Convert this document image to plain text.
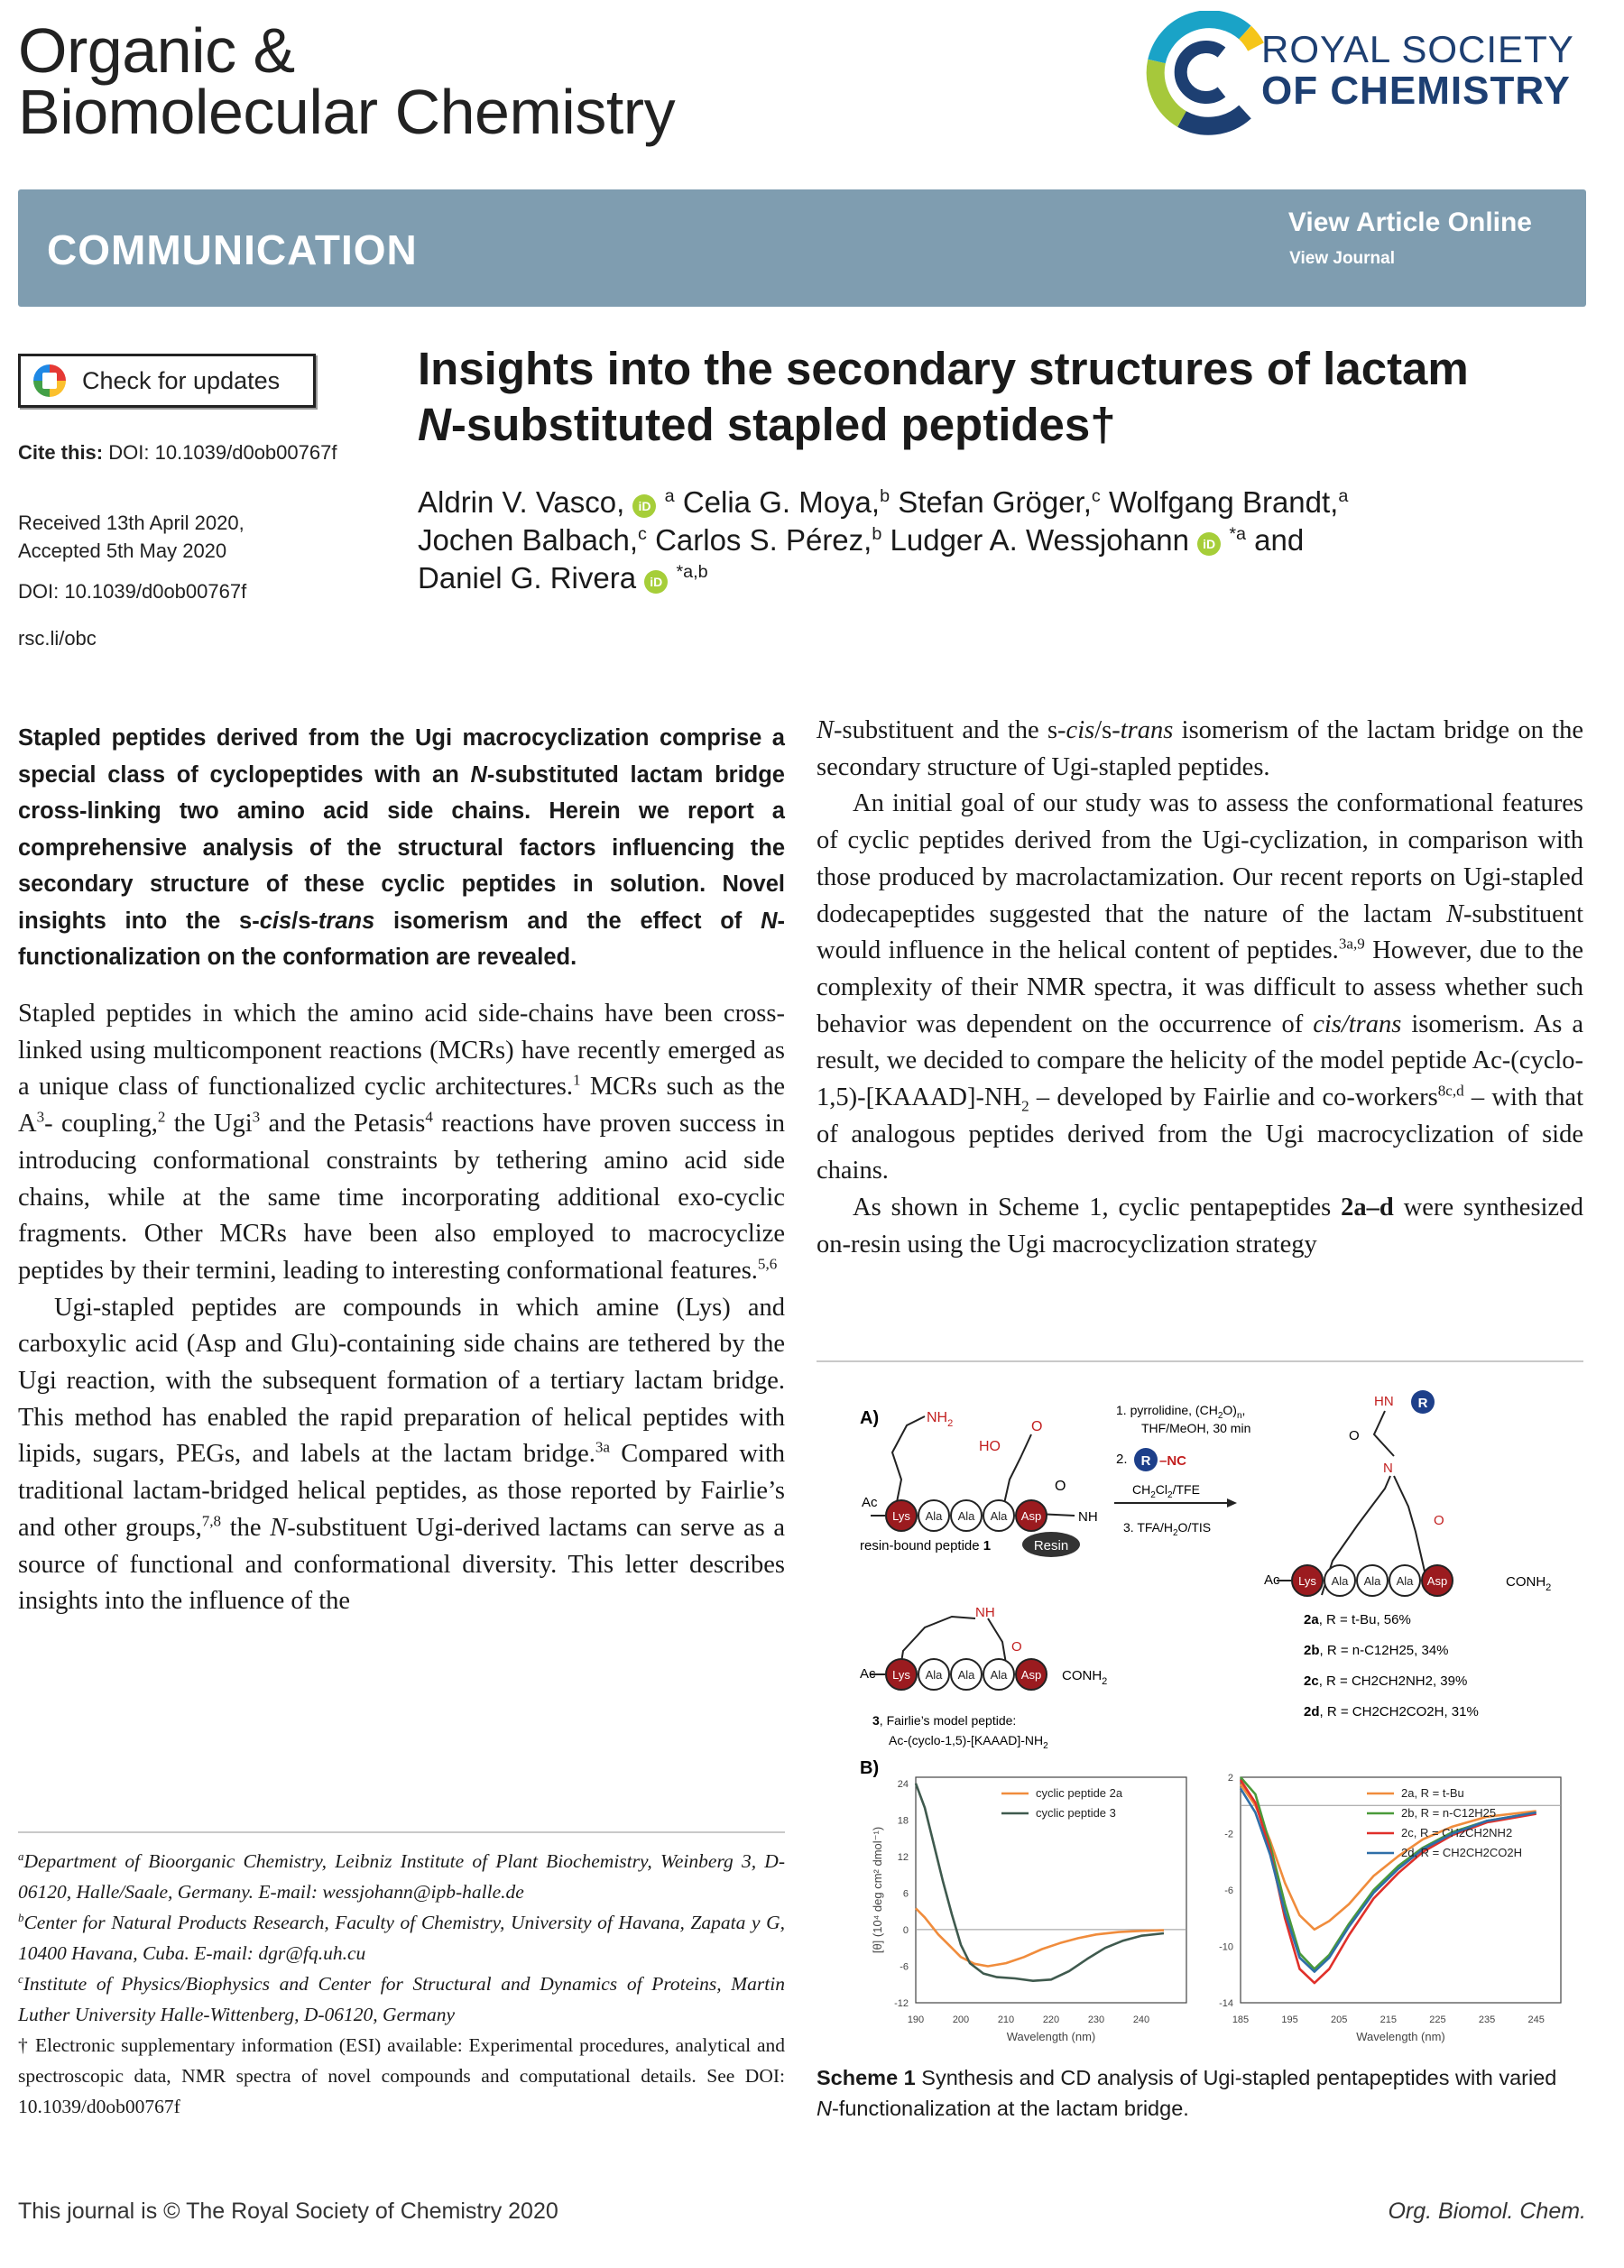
Organic &
Biomolecular Chemistry
ROYAL SOCIETY
OF CHEMISTRY
COMMUNICATION
View Article Online
View Journal
Check for updates
Cite this: DOI: 10.1039/d0ob00767f
Received 13th April 2020,
Accepted 5th May 2020
DOI: 10.1039/d0ob00767f
rsc.li/obc
Insights into the secondary structures of lactam
N-substituted stapled peptides†
Aldrin V. Vasco, iD $^a$ Celia G. Moya,$^b$ Stefan Gröger,$^c$ Wolfgang Brandt,$^a$
Jochen Balbach,$^c$ Carlos S. Pérez,$^b$ Ludger A. Wessjohann iD $^{*a}$ and
Daniel G. Rivera iD $^{*a,b}$
Stapled peptides derived from the Ugi macrocyclization comprise a special class of cyclopeptides with an N-substituted lactam bridge cross-linking two amino acid side chains. Herein we report a comprehensive analysis of the structural factors influencing the secondary structure of these cyclic peptides in solution. Novel insights into the s-cis/s-trans isomerism and the effect of N-functionalization on the conformation are revealed.

Stapled peptides in which the amino acid side-chains have been cross-linked using multicomponent reactions (MCRs) have recently emerged as a unique class of functionalized cyclic architectures.$^1$ MCRs such as the $A^3-$ coupling,$^2$ the Ugi$^3$ and the Petasis$^4$ reactions have proven success in introducing conformational constraints by tethering amino acid side chains, while at the same time incorporating additional exo-cyclic fragments. Other MCRs have been also employed to macrocyclize peptides by their termini, leading to interesting conformational features.$^{5,6}$

Ugi-stapled peptides are compounds in which amine (Lys) and carboxylic acid (Asp and Glu)-containing side chains are tethered by the Ugi reaction, with the subsequent formation of a tertiary lactam bridge. This method has enabled the rapid preparation of helical peptides with lipids, sugars, PEGs, and labels at the lactam bridge.$^{3a}$ Compared with traditional lactam-bridged helical peptides, as those reported by Fairlie’s and other groups,$^{7,8}$ the N-substituent Ugi-derived lactams can serve as a source of functional and conformational diversity. This letter describes insights into the influence of the

$^a$Department of Bioorganic Chemistry, Leibniz Institute of Plant Biochemistry, Weinberg 3, D-06120, Halle/Saale, Germany. E-mail: wessjohann@ipb-halle.de

$^b$Center for Natural Products Research, Faculty of Chemistry, University of Havana, Zapata y G, 10400 Havana, Cuba. E-mail: dgr@fq.uh.cu

$^c$Institute of Physics/Biophysics and Center for Structural and Dynamics of Proteins, Martin Luther University Halle-Wittenberg, D-06120, Germany

† Electronic supplementary information (ESI) available: Experimental procedures, analytical and spectroscopic data, NMR spectra of novel compounds and computational details. See DOI: 10.1039/d0ob00767f

N-substituent and the s-cis/s-trans isomerism of the lactam bridge on the secondary structure of Ugi-stapled peptides.

An initial goal of our study was to assess the conformational features of cyclic peptides derived from the Ugi-cyclization, in comparison with those produced by macrolactamization. Our recent reports on Ugi-stapled dodecapeptides suggested that the nature of the lactam N-substituent would influence in the helical content of peptides.$^{3a,9}$ However, due to the complexity of their NMR spectra, it was difficult to assess whether such behavior was dependent on the occurrence of cis/trans isomerism. As a result, we decided to compare the helicity of the model peptide $Ac-(cyclo-1,5)-[KAAAD]-NH_2$ – developed by Fairlie and co-workers$^{8c,d}$ – with that of analogous peptides derived from the Ugi macrocyclization of side chains.

As shown in Scheme 1, cyclic pentapeptides 2a–d were synthesized on-resin using the Ugi macrocyclization strategy

A)	$NH_2$
HO
O
O
NH
Ac
Lys Ala Ala Ala Asp
Resin
resin-bound peptide 1
1. pyrrolidine, $(CH_2O)_n$,
THF/MeOH, 30 min
2. R –NC
$CH_2Cl_2$/TFE
3. TFA/$H_2O$/TIS
HN R
O
N
O
Ac Lys Ala Ala Ala Asp	$CONH_2$
2a, R = t-Bu, 56%
2b, R = n-C12H25, 34%
2c, R = CH2CH2NH2, 39%
2d, R = CH2CH2CO2H, 31%
NH
O
Ac Lys Ala Ala Ala Asp $CONH_2$
3, Fairlie’s model peptide:
$Ac-(cyclo-1,5)-[KAAAD]-NH_2$
B)
190	200	210	220	230	240
24
18
12
6
0
-6
-12
Wavelength (nm)
[θ] (10⁴ deg cm² dmol⁻¹)
cyclic peptide 2a
cyclic peptide 3
185	195	205	215	225	235	245
2
-2
-6
-10
-14
Wavelength (nm)
2a, R = t-Bu
2b, R = n-C12H25
2c, R = CH2CH2NH2
2d, R = CH2CH2CO2H
Scheme 1 Synthesis and CD analysis of Ugi-stapled pentapeptides with varied N-functionalization at the lactam bridge.
This journal is © The Royal Society of Chemistry 2020	Org. Biomol. Chem.
